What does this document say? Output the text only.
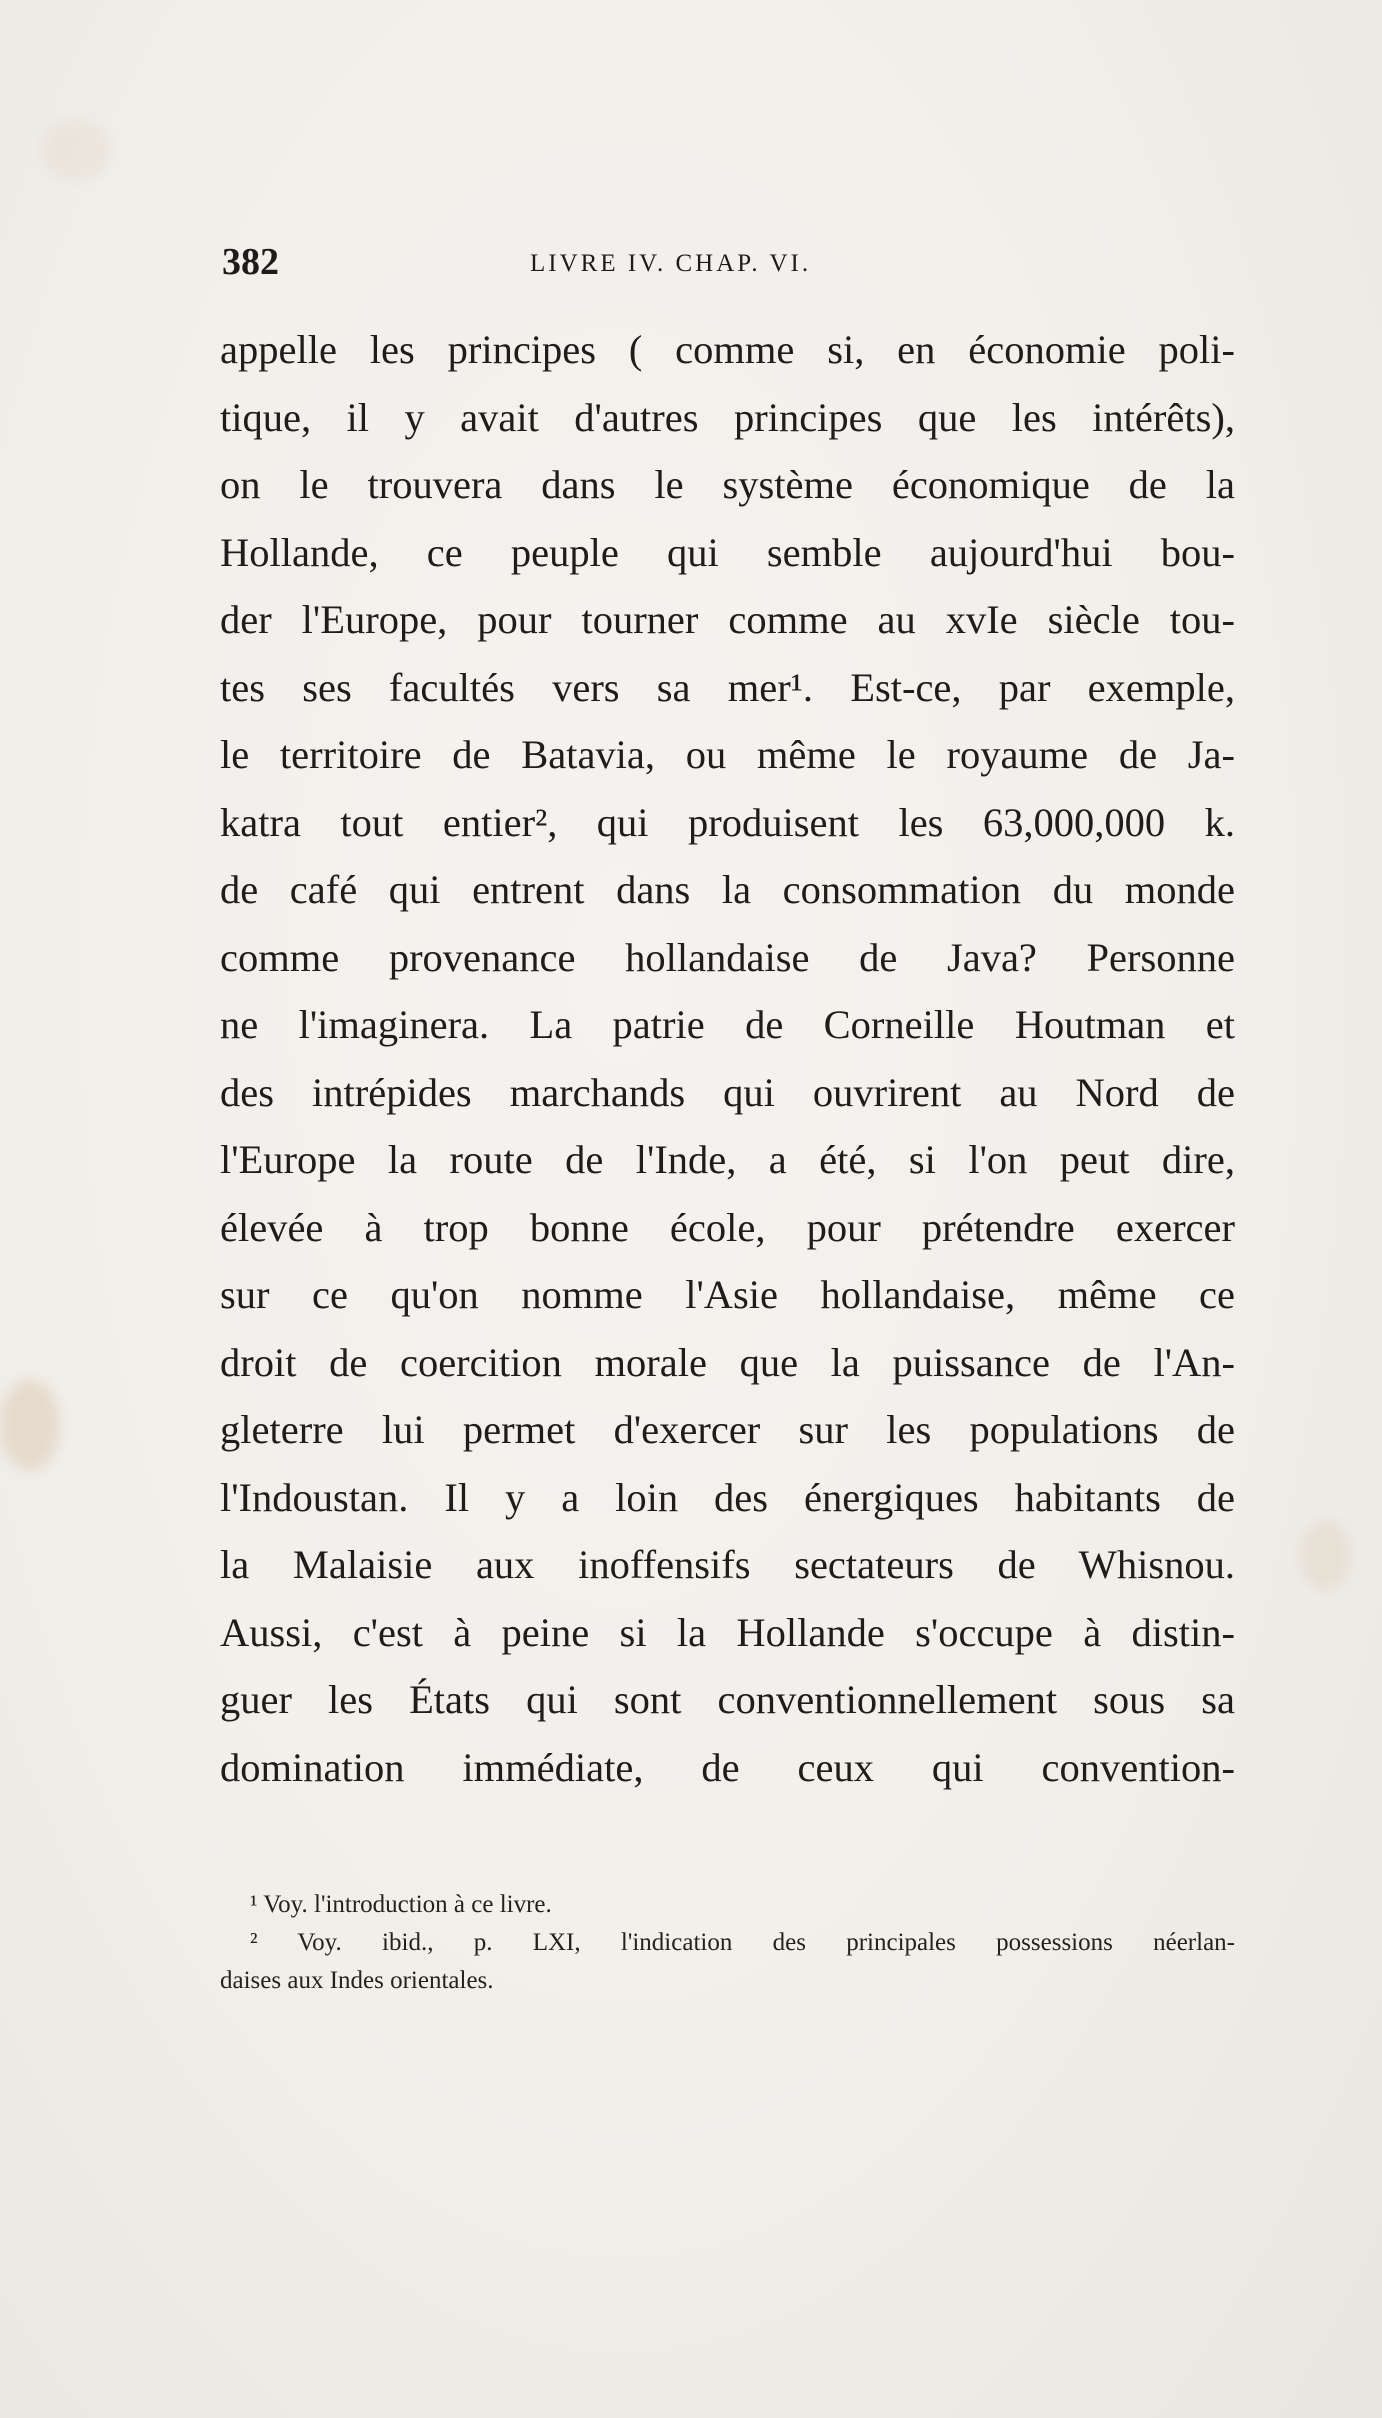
382	LIVRE IV. CHAP. VI.
appelle les principes ( comme si, en économie poli-
tique, il y avait d'autres principes que les intérêts),
on le trouvera dans le système économique de la
Hollande, ce peuple qui semble aujourd'hui bou-
der l'Europe, pour tourner comme au xvIe siècle tou-
tes ses facultés vers sa mer¹. Est-ce, par exemple,
le territoire de Batavia, ou même le royaume de Ja-
katra tout entier², qui produisent les 63,000,000 k.
de café qui entrent dans la consommation du monde
comme provenance hollandaise de Java? Personne
ne l'imaginera. La patrie de Corneille Houtman et
des intrépides marchands qui ouvrirent au Nord de
l'Europe la route de l'Inde, a été, si l'on peut dire,
élevée à trop bonne école, pour prétendre exercer
sur ce qu'on nomme l'Asie hollandaise, même ce
droit de coercition morale que la puissance de l'An-
gleterre lui permet d'exercer sur les populations de
l'Indoustan. Il y a loin des énergiques habitants de
la Malaisie aux inoffensifs sectateurs de Whisnou.
Aussi, c'est à peine si la Hollande s'occupe à distin-
guer les États qui sont conventionnellement sous sa
domination immédiate, de ceux qui convention-
¹ Voy. l'introduction à ce livre.
² Voy. ibid., p. LXI, l'indication des principales possessions néerlan-
daises aux Indes orientales.
